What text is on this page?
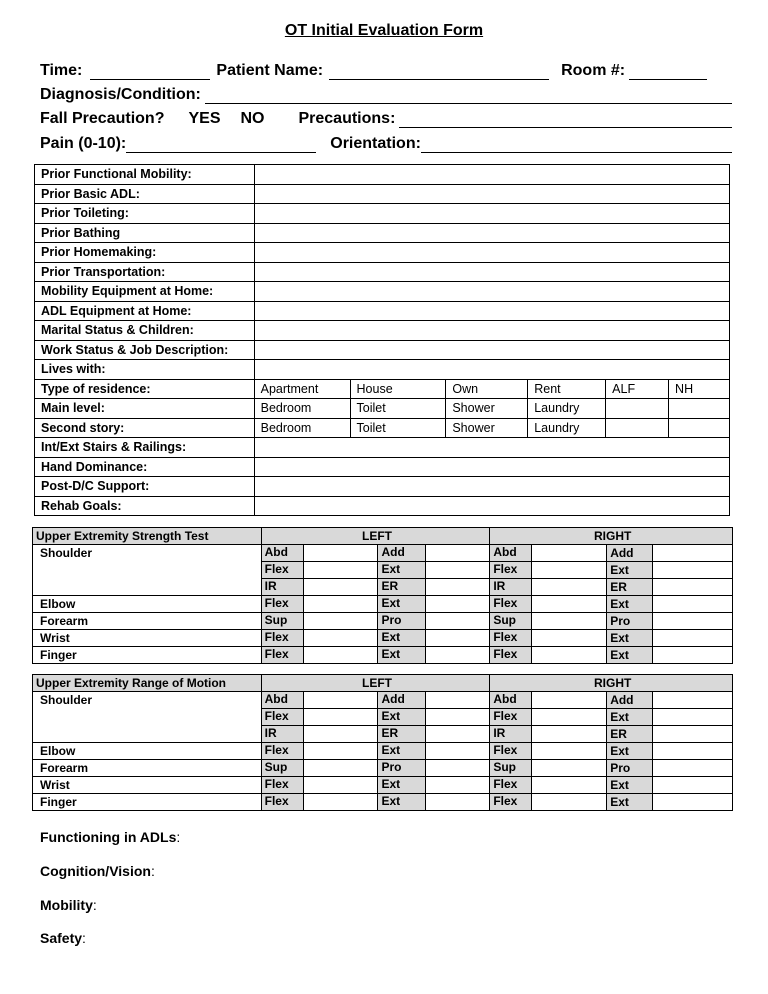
OT Initial Evaluation Form
Time:	Patient Name:	Room #:
Diagnosis/Condition:
Fall Precaution? YES NO Precautions:
Pain (0-10):	Orientation:
Prior Functional Mobility:						
Prior Basic ADL:						
Prior Toileting:						
Prior Bathing						
Prior Homemaking:						
Prior Transportation:						
Mobility Equipment at Home:						
ADL Equipment at Home:						
Marital Status & Children:						
Work Status & Job Description:						
Lives with:						
Type of residence:	Apartment	House	Own	Rent	ALF	NH
Main level:	Bedroom	Toilet	Shower	Laundry		
Second story:	Bedroom	Toilet	Shower	Laundry		
Int/Ext Stairs & Railings:						
Hand Dominance:						
Post-D/C Support:						
Rehab Goals:						
Upper Extremity Strength Test	LEFT		RIGHT		
Shoulder	Abd	Add	Abd	Add	

	Flex	Ext	Flex	Ext	

	IR	ER	IR	ER	
Elbow	Flex	Ext	Flex	Ext	
Forearm	Sup	Pro	Sup	Pro	
Wrist	Flex	Ext	Flex	Ext	
Finger	Flex	Ext	Flex	Ext	
Upper Extremity Range of Motion	LEFT		RIGHT		
Shoulder	Abd	Add	Abd	Add	

	Flex	Ext	Flex	Ext	

	IR	ER	IR	ER	
Elbow	Flex	Ext	Flex	Ext	
Forearm	Sup	Pro	Sup	Pro	
Wrist	Flex	Ext	Flex	Ext	
Finger	Flex	Ext	Flex	Ext	
Functioning in ADLs:
Cognition/Vision:
Mobility:
Safety:
